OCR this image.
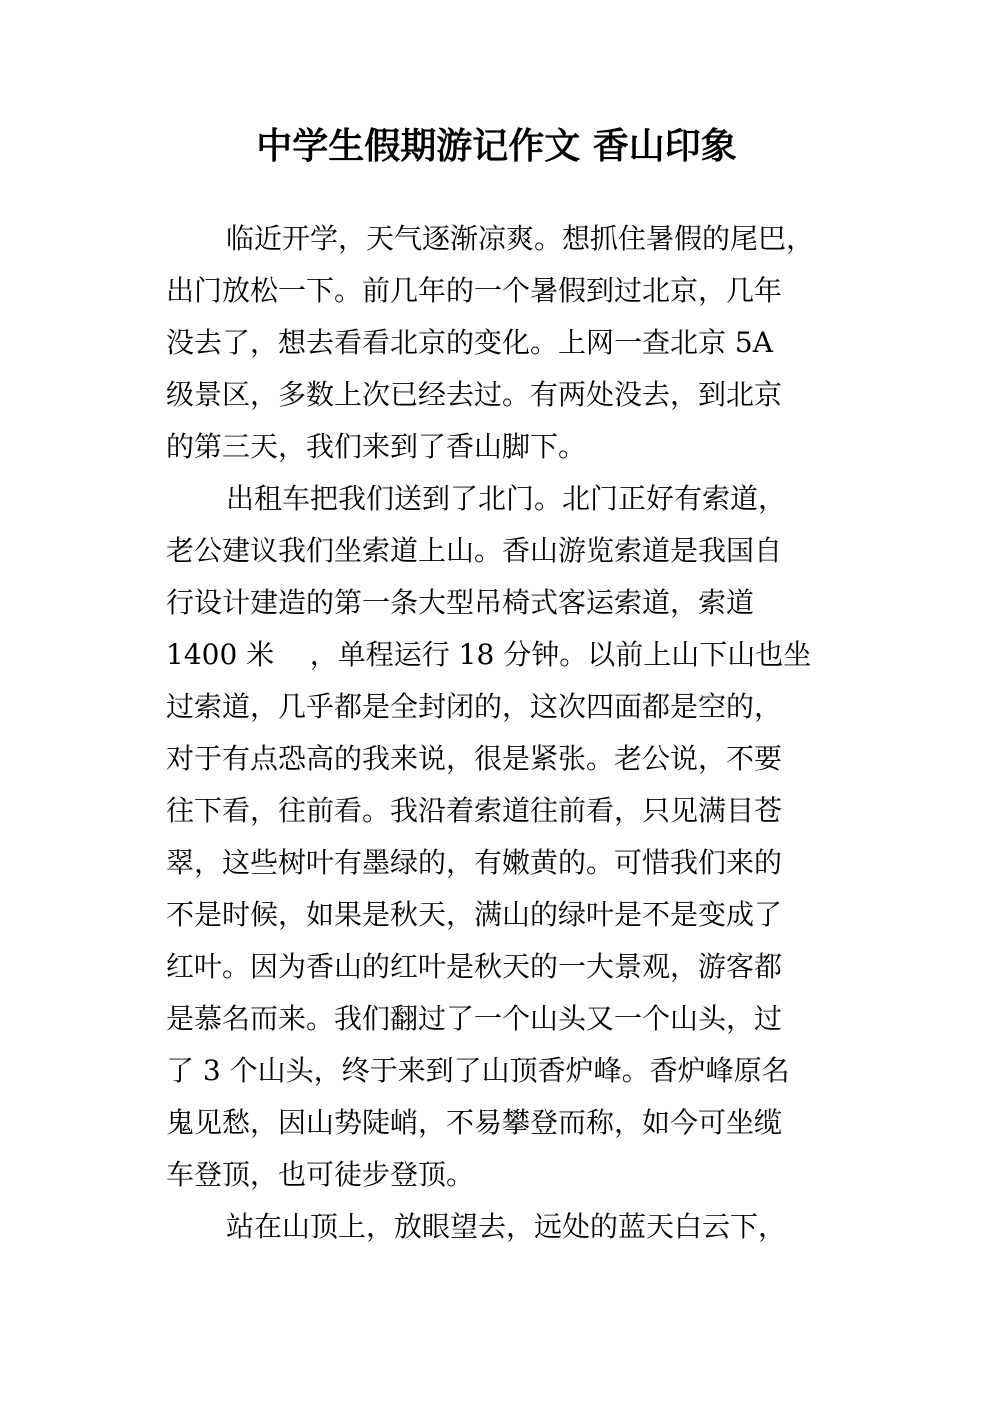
中学生假期游记作文 香山印象

临近开学，天气逐渐凉爽。想抓住暑假的尾巴，

出门放松一下。前几年的一个暑假到过北京，几年

没去了，想去看看北京的变化。上网一查北京 5A

级景区，多数上次已经去过。有两处没去，到北京

的第三天，我们来到了香山脚下。

出租车把我们送到了北门。北门正好有索道，

老公建议我们坐索道上山。香山游览索道是我国自

行设计建造的第一条大型吊椅式客运索道，索道

1400 米    ，单程运行 18 分钟。以前上山下山也坐

过索道，几乎都是全封闭的，这次四面都是空的，

对于有点恐高的我来说，很是紧张。老公说，不要

往下看，往前看。我沿着索道往前看，只见满目苍

翠，这些树叶有墨绿的，有嫩黄的。可惜我们来的

不是时候，如果是秋天，满山的绿叶是不是变成了

红叶。因为香山的红叶是秋天的一大景观，游客都

是慕名而来。我们翻过了一个山头又一个山头，过

了 3 个山头，终于来到了山顶香炉峰。香炉峰原名

鬼见愁，因山势陡峭，不易攀登而称，如今可坐缆

车登顶，也可徒步登顶。

站在山顶上，放眼望去，远处的蓝天白云下，
